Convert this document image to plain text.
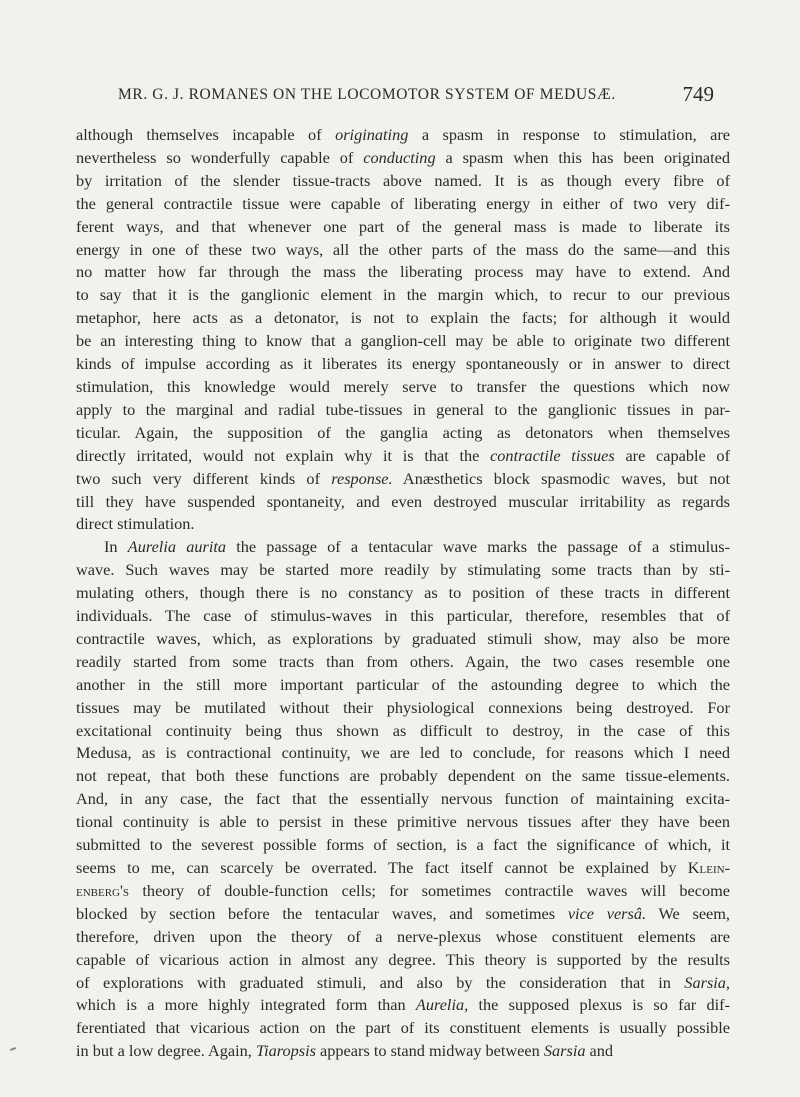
MR. G. J. ROMANES ON THE LOCOMOTOR SYSTEM OF MEDUSÆ.	749
although themselves incapable of originating a spasm in response to stimulation, are
nevertheless so wonderfully capable of conducting a spasm when this has been originated
by irritation of the slender tissue-tracts above named. It is as though every fibre of
the general contractile tissue were capable of liberating energy in either of two very dif-
ferent ways, and that whenever one part of the general mass is made to liberate its
energy in one of these two ways, all the other parts of the mass do the same—and this
no matter how far through the mass the liberating process may have to extend. And
to say that it is the ganglionic element in the margin which, to recur to our previous
metaphor, here acts as a detonator, is not to explain the facts; for although it would
be an interesting thing to know that a ganglion-cell may be able to originate two different
kinds of impulse according as it liberates its energy spontaneously or in answer to direct
stimulation, this knowledge would merely serve to transfer the questions which now
apply to the marginal and radial tube-tissues in general to the ganglionic tissues in par-
ticular. Again, the supposition of the ganglia acting as detonators when themselves
directly irritated, would not explain why it is that the contractile tissues are capable of
two such very different kinds of response. Anæsthetics block spasmodic waves, but not
till they have suspended spontaneity, and even destroyed muscular irritability as regards
direct stimulation.
In Aurelia aurita the passage of a tentacular wave marks the passage of a stimulus-
wave. Such waves may be started more readily by stimulating some tracts than by sti-
mulating others, though there is no constancy as to position of these tracts in different
individuals. The case of stimulus-waves in this particular, therefore, resembles that of
contractile waves, which, as explorations by graduated stimuli show, may also be more
readily started from some tracts than from others. Again, the two cases resemble one
another in the still more important particular of the astounding degree to which the
tissues may be mutilated without their physiological connexions being destroyed. For
excitational continuity being thus shown as difficult to destroy, in the case of this
Medusa, as is contractional continuity, we are led to conclude, for reasons which I need
not repeat, that both these functions are probably dependent on the same tissue-elements.
And, in any case, the fact that the essentially nervous function of maintaining excita-
tional continuity is able to persist in these primitive nervous tissues after they have been
submitted to the severest possible forms of section, is a fact the significance of which, it
seems to me, can scarcely be overrated. The fact itself cannot be explained by Klein-
enberg's theory of double-function cells; for sometimes contractile waves will become
blocked by section before the tentacular waves, and sometimes vice versâ. We seem,
therefore, driven upon the theory of a nerve-plexus whose constituent elements are
capable of vicarious action in almost any degree. This theory is supported by the results
of explorations with graduated stimuli, and also by the consideration that in Sarsia,
which is a more highly integrated form than Aurelia, the supposed plexus is so far dif-
ferentiated that vicarious action on the part of its constituent elements is usually possible
in but a low degree. Again, Tiaropsis appears to stand midway between Sarsia and
